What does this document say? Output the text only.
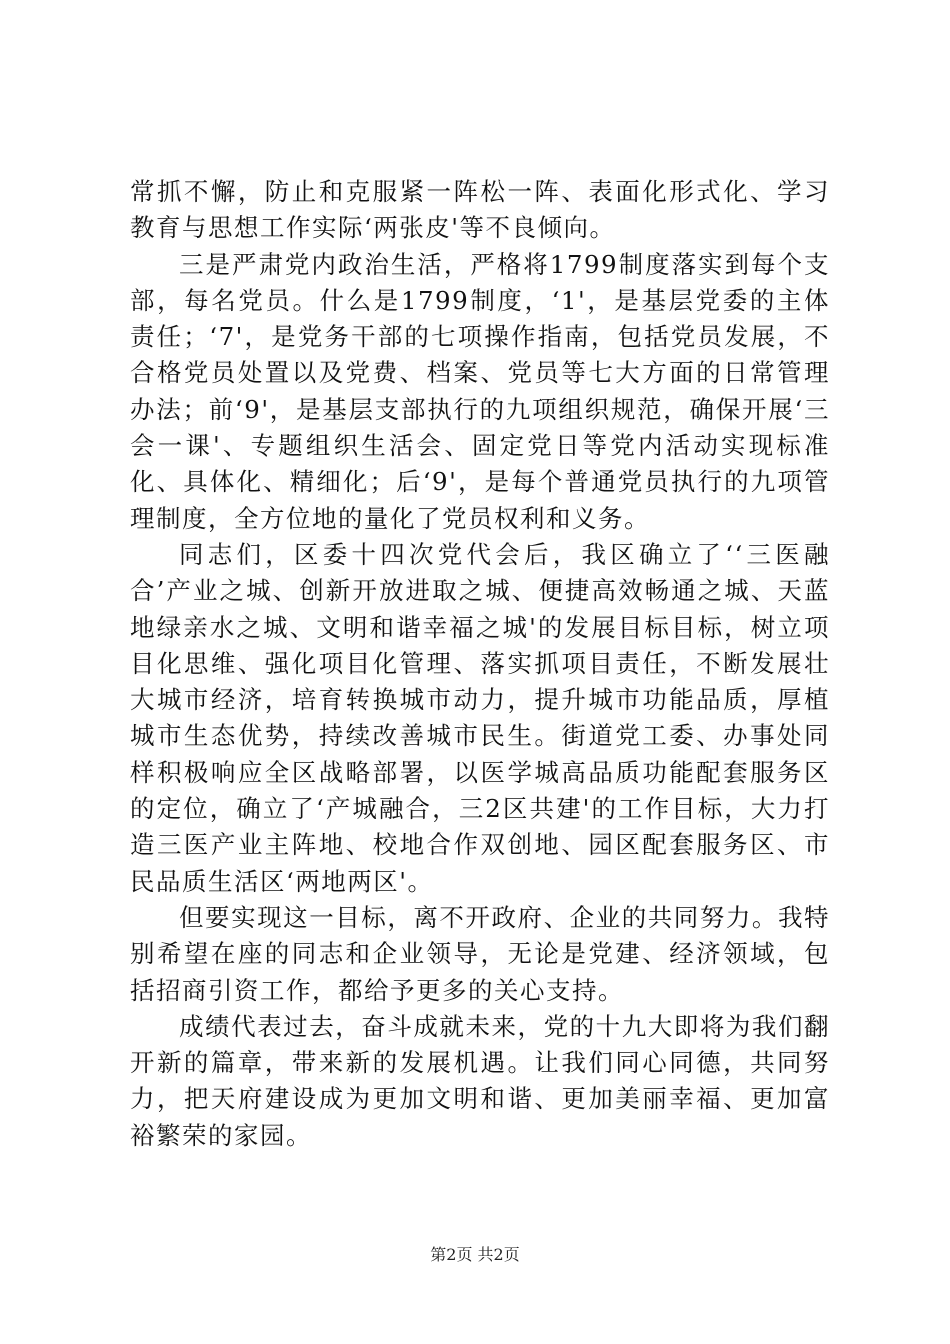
常抓不懈，防止和克服紧一阵松一阵、表面化形式化、学习教育与思想工作实际‘两张皮'等不良倾向。

三是严肃党内政治生活，严格将1799制度落实到每个支部，每名党员。什么是1799制度，‘1'，是基层党委的主体责任；‘7'，是党务干部的七项操作指南，包括党员发展，不合格党员处置以及党费、档案、党员等七大方面的日常管理办法；前‘9'，是基层支部执行的九项组织规范，确保开展‘三会一课'、专题组织生活会、固定党日等党内活动实现标准化、具体化、精细化；后‘9'，是每个普通党员执行的九项管理制度，全方位地的量化了党员权利和义务。

同志们，区委十四次党代会后，我区确立了‘‘三医融合’产业之城、创新开放进取之城、便捷高效畅通之城、天蓝地绿亲水之城、文明和谐幸福之城'的发展目标目标，树立项目化思维、强化项目化管理、落实抓项目责任，不断发展壮大城市经济，培育转换城市动力，提升城市功能品质，厚植城市生态优势，持续改善城市民生。街道党工委、办事处同样积极响应全区战略部署，以医学城高品质功能配套服务区的定位，确立了‘产城融合，三2区共建'的工作目标，大力打造三医产业主阵地、校地合作双创地、园区配套服务区、市民品质生活区‘两地两区'。

但要实现这一目标，离不开政府、企业的共同努力。我特别希望在座的同志和企业领导，无论是党建、经济领域，包括招商引资工作，都给予更多的关心支持。

成绩代表过去，奋斗成就未来，党的十九大即将为我们翻开新的篇章，带来新的发展机遇。让我们同心同德，共同努力，把天府建设成为更加文明和谐、更加美丽幸福、更加富裕繁荣的家园。

第2页 共2页
